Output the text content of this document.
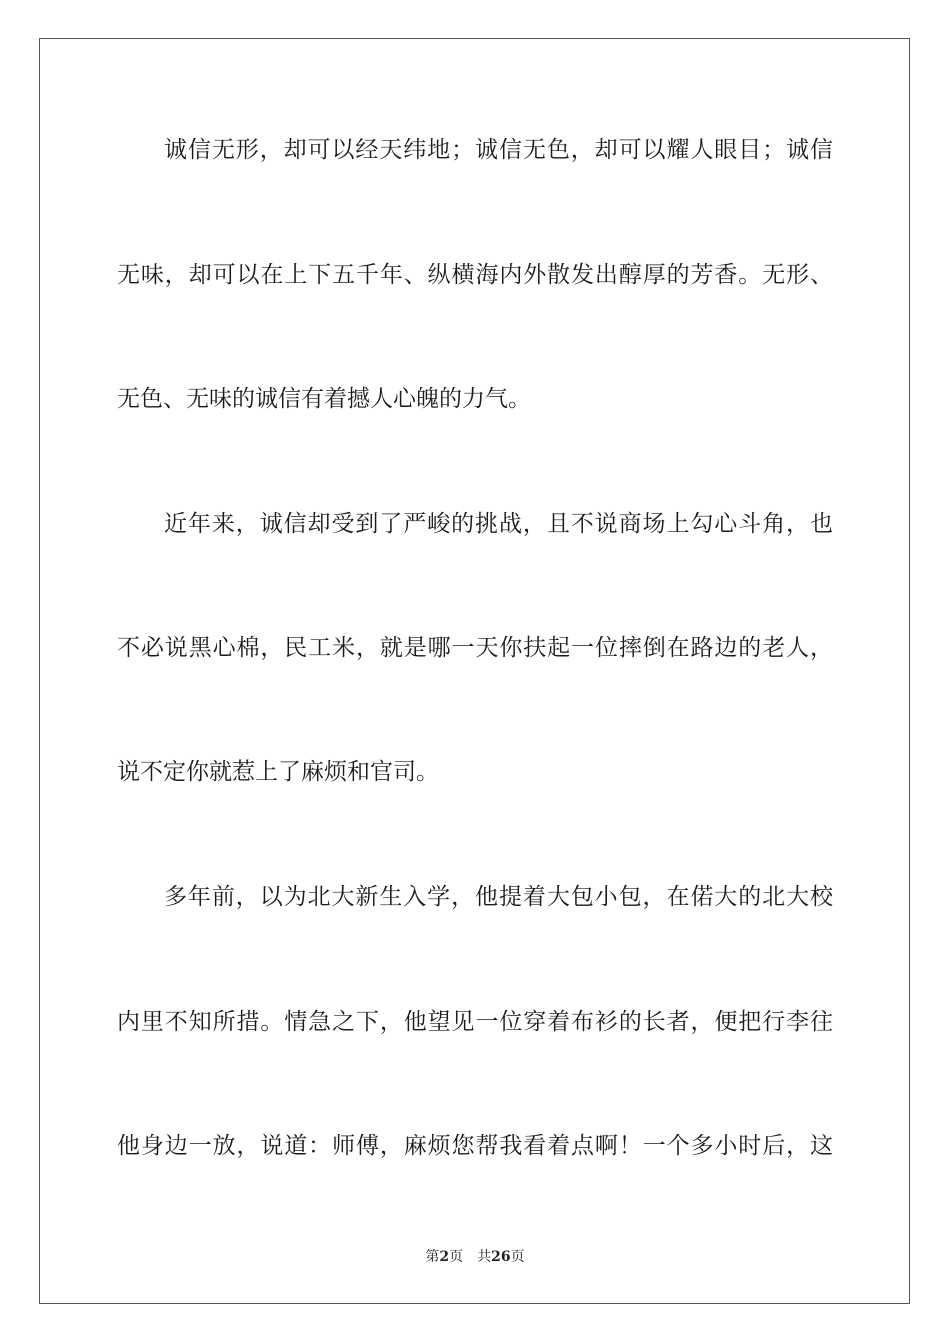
诚信无形，却可以经天纬地；诚信无色，却可以耀人眼目；诚信
无味，却可以在上下五千年、纵横海内外散发出醇厚的芳香。无形、
无色、无味的诚信有着撼人心魄的力气。
近年来，诚信却受到了严峻的挑战，且不说商场上勾心斗角，也
不必说黑心棉，民工米，就是哪一天你扶起一位摔倒在路边的老人，
说不定你就惹上了麻烦和官司。
多年前，以为北大新生入学，他提着大包小包，在偌大的北大校
内里不知所措。情急之下，他望见一位穿着布衫的长者，便把行李往
他身边一放，说道：师傅，麻烦您帮我看着点啊！一个多小时后，这
第2页 共26页
